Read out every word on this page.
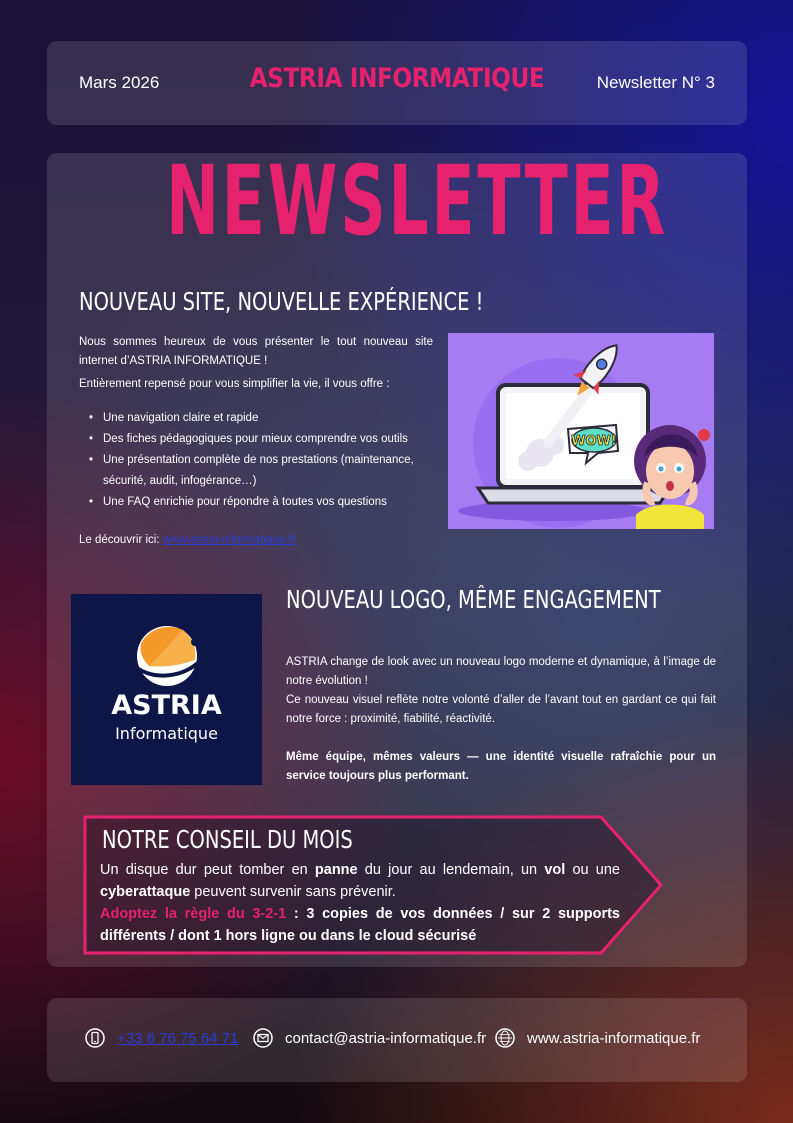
Mars 2026	ASTRIA INFORMATIQUE	Newsletter N° 3
NEWSLETTER
NOUVEAU SITE, NOUVELLE EXPÉRIENCE !

Nous sommes heureux de vous présenter le tout nouveau site internet d’ASTRIA INFORMATIQUE !

Entièrement repensé pour vous simplifier la vie, il vous offre :

• Une navigation claire et rapide
• Des fiches pédagogiques pour mieux comprendre vos outils
• Une présentation complète de nos prestations (maintenance, sécurité, audit, infogérance…)
• Une FAQ enrichie pour répondre à toutes vos questions

Le découvrir ici: www.astria-informatique.fr

WOW!
ASTRIA
Informatique
NOUVEAU LOGO, MÊME ENGAGEMENT

ASTRIA change de look avec un nouveau logo moderne et dynamique, à l’image de notre évolution !

Ce nouveau visuel reflète notre volonté d’aller de l’avant tout en gardant ce qui fait notre force : proximité, fiabilité, réactivité.

Même équipe, mêmes valeurs — une identité visuelle rafraîchie pour un service toujours plus performant.

NOTRE CONSEIL DU MOIS
Un disque dur peut tomber en panne du jour au lendemain, un vol ou une cyberattaque peuvent survenir sans prévenir.
Adoptez la règle du 3-2-1 : 3 copies de vos données / sur 2 supports différents / dont 1 hors ligne ou dans le cloud sécurisé
+33 6 76 75 64 71	contact@astria-informatique.fr	www.astria-informatique.fr
